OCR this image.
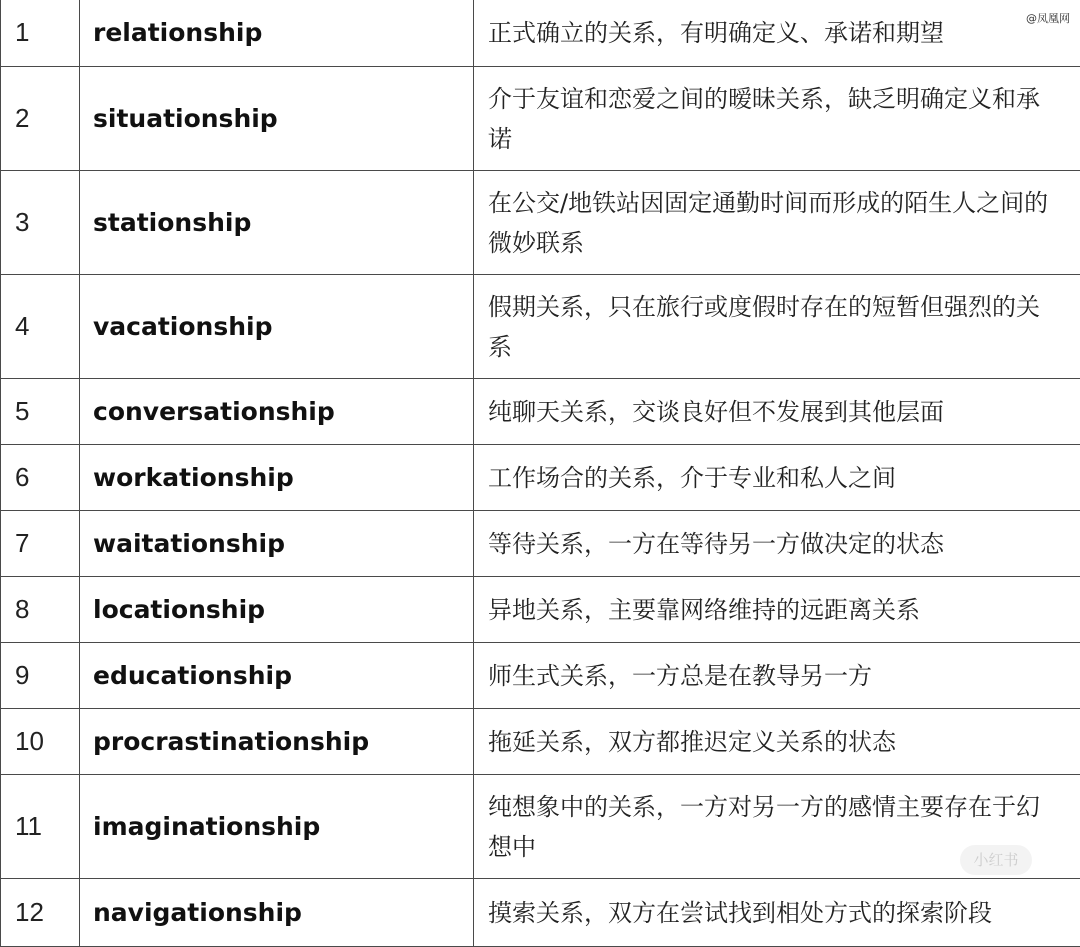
1	relationship	正式确立的关系，有明确定义、承诺和期望
2	situationship	介于友谊和恋爱之间的暧昧关系，缺乏明确定义和承诺
3	stationship	在公交/地铁站因固定通勤时间而形成的陌生人之间的微妙联系
4	vacationship	假期关系，只在旅行或度假时存在的短暂但强烈的关系
5	conversationship	纯聊天关系，交谈良好但不发展到其他层面
6	workationship	工作场合的关系，介于专业和私人之间
7	waitationship	等待关系，一方在等待另一方做决定的状态
8	locationship	异地关系，主要靠网络维持的远距离关系
9	educationship	师生式关系，一方总是在教导另一方
10	procrastinationship	拖延关系，双方都推迟定义关系的状态
11	imaginationship	纯想象中的关系，一方对另一方的感情主要存在于幻想中
12	navigationship	摸索关系，双方在尝试找到相处方式的探索阶段
@凤凰网
小红书
